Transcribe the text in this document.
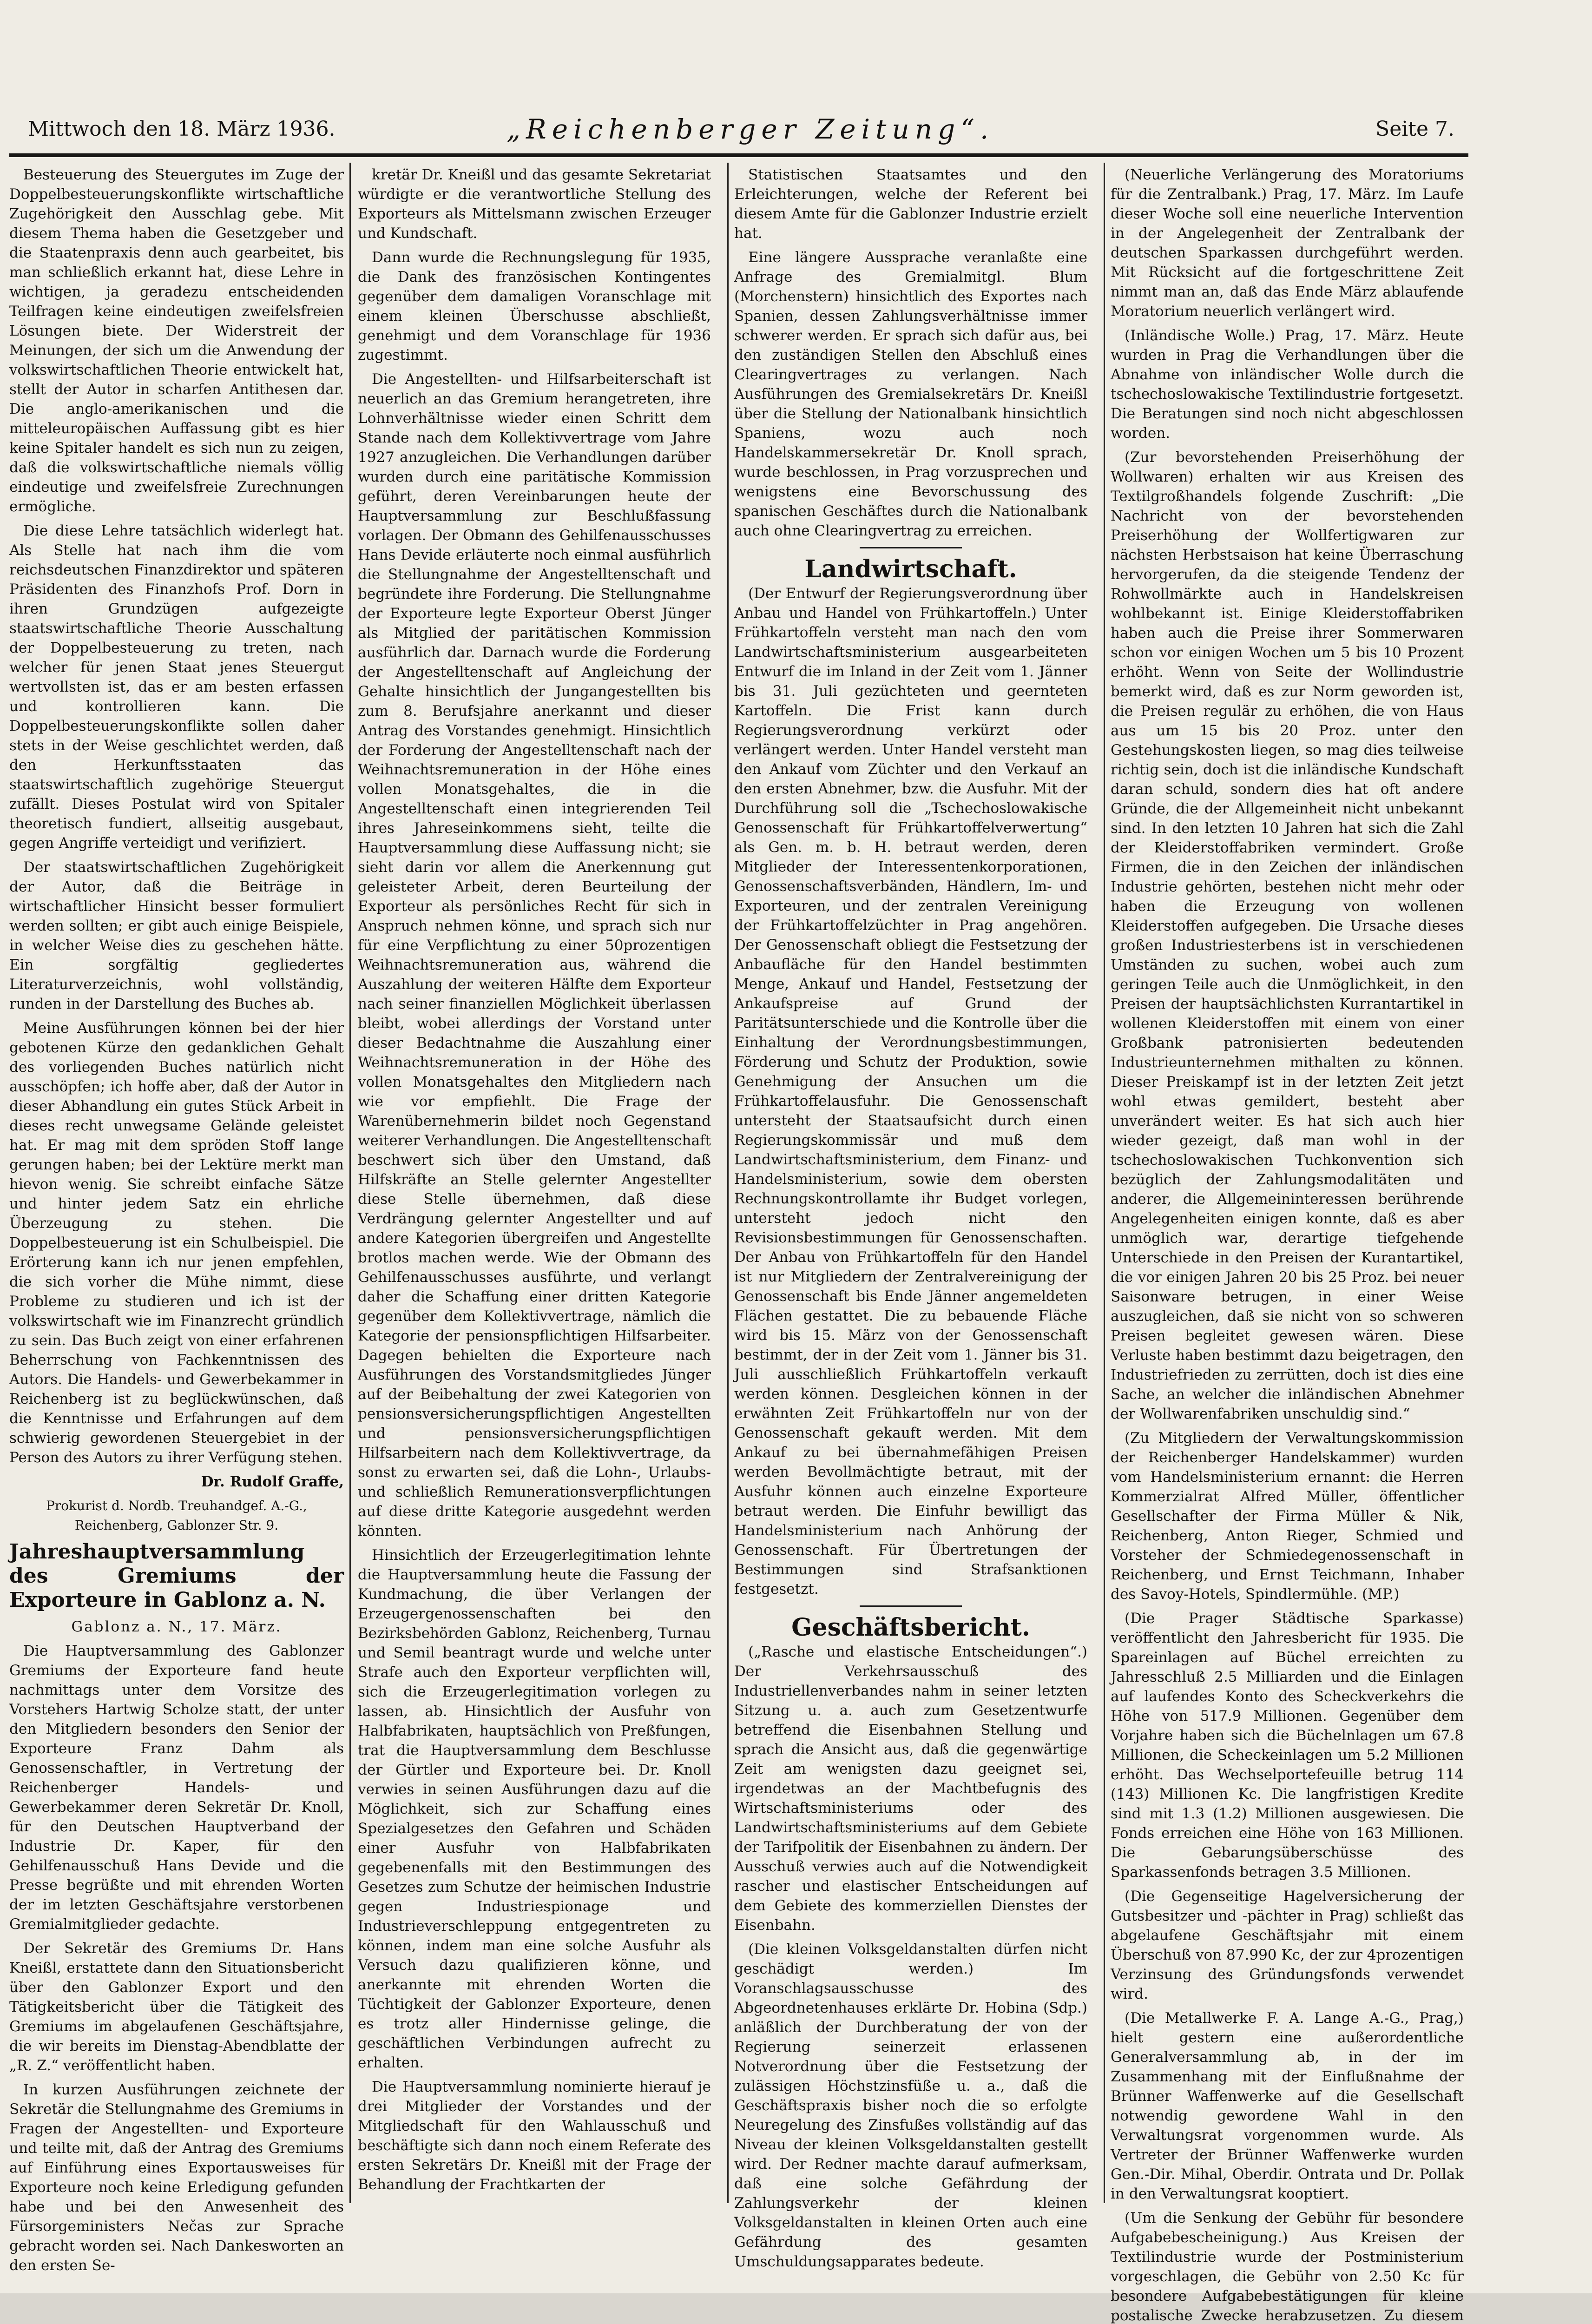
Mittwoch den 18. März 1936.	„Reichenberger Zeitung“.	Seite 7.

Besteuerung des Steuergutes im Zuge der Doppelbesteuerungskonflikte wirtschaftliche Zugehörigkeit den Ausschlag gebe. Mit diesem Thema haben die Gesetzgeber und die Staatenpraxis denn auch gearbeitet, bis man schließlich erkannt hat, diese Lehre in wichtigen, ja geradezu entscheidenden Teilfragen keine eindeutigen zweifelsfreien Lösungen biete. Der Widerstreit der Meinungen, der sich um die Anwendung der volkswirtschaftlichen Theorie entwickelt hat, stellt der Autor in scharfen Antithesen dar. Die anglo-amerikanischen und die mitteleuropäischen Auffassung gibt es hier keine Spitaler handelt es sich nun zu zeigen, daß die volkswirtschaftliche niemals völlig eindeutige und zweifelsfreie Zurechnungen ermögliche.

Die diese Lehre tatsächlich widerlegt hat. Als Stelle hat nach ihm die vom reichsdeutschen Finanzdirektor und späteren Präsidenten des Finanzhofs Prof. Dorn in ihren Grundzügen aufgezeigte staatswirtschaftliche Theorie Ausschaltung der Doppelbesteuerung zu treten, nach welcher für jenen Staat jenes Steuergut wertvollsten ist, das er am besten erfassen und kontrollieren kann. Die Doppelbesteuerungskonflikte sollen daher stets in der Weise geschlichtet werden, daß den Herkunftsstaaten das staatswirtschaftlich zugehörige Steuergut zufällt. Dieses Postulat wird von Spitaler theoretisch fundiert, allseitig ausgebaut, gegen Angriffe verteidigt und verifiziert.

Der staatswirtschaftlichen Zugehörigkeit der Autor, daß die Beiträge in wirtschaftlicher Hinsicht besser formuliert werden sollten; er gibt auch einige Beispiele, in welcher Weise dies zu geschehen hätte. Ein sorgfältig gegliedertes Literaturverzeichnis, wohl vollständig, runden in der Darstellung des Buches ab.

Meine Ausführungen können bei der hier gebotenen Kürze den gedanklichen Gehalt des vorliegenden Buches natürlich nicht ausschöpfen; ich hoffe aber, daß der Autor in dieser Abhandlung ein gutes Stück Arbeit in dieses recht unwegsame Gelände geleistet hat. Er mag mit dem spröden Stoff lange gerungen haben; bei der Lektüre merkt man hievon wenig. Sie schreibt einfache Sätze und hinter jedem Satz ein ehrliche Überzeugung zu stehen. Die Doppelbesteuerung ist ein Schulbeispiel. Die Erörterung kann ich nur jenen empfehlen, die sich vorher die Mühe nimmt, diese Probleme zu studieren und ich ist der volkswirtschaft wie im Finanzrecht gründlich zu sein. Das Buch zeigt von einer erfahrenen Beherrschung von Fachkenntnissen des Autors. Die Handels- und Gewerbekammer in Reichenberg ist zu beglückwünschen, daß die Kenntnisse und Erfahrungen auf dem schwierig gewordenen Steuergebiet in der Person des Autors zu ihrer Verfügung stehen.

Dr. Rudolf Graffe,

Prokurist d. Nordb. Treuhandgef. A.-G., Reichenberg, Gablonzer Str. 9.

Jahreshauptversammlung des Gremiums der Exporteure in Gablonz a. N.

Gablonz a. N., 17. März.

Die Hauptversammlung des Gablonzer Gremiums der Exporteure fand heute nachmittags unter dem Vorsitze des Vorstehers Hartwig Scholze statt, der unter den Mitgliedern besonders den Senior der Exporteure Franz Dahm als Genossenschaftler, in Vertretung der Reichenberger Handels- und Gewerbekammer deren Sekretär Dr. Knoll, für den Deutschen Hauptverband der Industrie Dr. Kaper, für den Gehilfenausschuß Hans Devide und die Presse begrüßte und mit ehrenden Worten der im letzten Geschäftsjahre verstorbenen Gremialmitglieder gedachte.

Der Sekretär des Gremiums Dr. Hans Kneißl, erstattete dann den Situationsbericht über den Gablonzer Export und den Tätigkeitsbericht über die Tätigkeit des Gremiums im abgelaufenen Geschäftsjahre, die wir bereits im Dienstag-Abendblatte der „R. Z.“ veröffentlicht haben.

In kurzen Ausführungen zeichnete der Sekretär die Stellungnahme des Gremiums in Fragen der Angestellten- und Exporteure und teilte mit, daß der Antrag des Gremiums auf Einführung eines Exportausweises für Exporteure noch keine Erledigung gefunden habe und bei den Anwesenheit des Fürsorgeministers Nečas zur Sprache gebracht worden sei. Nach Dankesworten an den ersten Se-

kretär Dr. Kneißl und das gesamte Sekretariat würdigte er die verantwortliche Stellung des Exporteurs als Mittelsmann zwischen Erzeuger und Kundschaft.

Dann wurde die Rechnungslegung für 1935, die Dank des französischen Kontingentes gegenüber dem damaligen Voranschlage mit einem kleinen Überschusse abschließt, genehmigt und dem Voranschlage für 1936 zugestimmt.

Die Angestellten- und Hilfsarbeiterschaft ist neuerlich an das Gremium herangetreten, ihre Lohnverhältnisse wieder einen Schritt dem Stande nach dem Kollektivvertrage vom Jahre 1927 anzugleichen. Die Verhandlungen darüber wurden durch eine paritätische Kommission geführt, deren Vereinbarungen heute der Hauptversammlung zur Beschlußfassung vorlagen. Der Obmann des Gehilfenausschusses Hans Devide erläuterte noch einmal ausführlich die Stellungnahme der Angestelltenschaft und begründete ihre Forderung. Die Stellungnahme der Exporteure legte Exporteur Oberst Jünger als Mitglied der paritätischen Kommission ausführlich dar. Darnach wurde die Forderung der Angestelltenschaft auf Angleichung der Gehalte hinsichtlich der Jungangestellten bis zum 8. Berufsjahre anerkannt und dieser Antrag des Vorstandes genehmigt. Hinsichtlich der Forderung der Angestelltenschaft nach der Weihnachtsremuneration in der Höhe eines vollen Monatsgehaltes, die in die Angestelltenschaft einen integrierenden Teil ihres Jahreseinkommens sieht, teilte die Hauptversammlung diese Auffassung nicht; sie sieht darin vor allem die Anerkennung gut geleisteter Arbeit, deren Beurteilung der Exporteur als persönliches Recht für sich in Anspruch nehmen könne, und sprach sich nur für eine Verpflichtung zu einer 50prozentigen Weihnachtsremuneration aus, während die Auszahlung der weiteren Hälfte dem Exporteur nach seiner finanziellen Möglichkeit überlassen bleibt, wobei allerdings der Vorstand unter dieser Bedachtnahme die Auszahlung einer Weihnachtsremuneration in der Höhe des vollen Monatsgehaltes den Mitgliedern nach wie vor empfiehlt. Die Frage der Warenübernehmerin bildet noch Gegenstand weiterer Verhandlungen. Die Angestelltenschaft beschwert sich über den Umstand, daß Hilfskräfte an Stelle gelernter Angestellter diese Stelle übernehmen, daß diese Verdrängung gelernter Angestellter und auf andere Kategorien übergreifen und Angestellte brotlos machen werde. Wie der Obmann des Gehilfenausschusses ausführte, und verlangt daher die Schaffung einer dritten Kategorie gegenüber dem Kollektivvertrage, nämlich die Kategorie der pensionspflichtigen Hilfsarbeiter. Dagegen behielten die Exporteure nach Ausführungen des Vorstandsmitgliedes Jünger auf der Beibehaltung der zwei Kategorien von pensionsversicherungspflichtigen Angestellten und pensionsversicherungspflichtigen Hilfsarbeitern nach dem Kollektivvertrage, da sonst zu erwarten sei, daß die Lohn-, Urlaubs- und schließlich Remunerationsverpflichtungen auf diese dritte Kategorie ausgedehnt werden könnten.

Hinsichtlich der Erzeugerlegitimation lehnte die Hauptversammlung heute die Fassung der Kundmachung, die über Verlangen der Erzeugergenossenschaften bei den Bezirksbehörden Gablonz, Reichenberg, Turnau und Semil beantragt wurde und welche unter Strafe auch den Exporteur verpflichten will, sich die Erzeugerlegitimation vorlegen zu lassen, ab. Hinsichtlich der Ausfuhr von Halbfabrikaten, hauptsächlich von Preßfungen, trat die Hauptversammlung dem Beschlusse der Gürtler und Exporteure bei. Dr. Knoll verwies in seinen Ausführungen dazu auf die Möglichkeit, sich zur Schaffung eines Spezialgesetzes den Gefahren und Schäden einer Ausfuhr von Halbfabrikaten gegebenenfalls mit den Bestimmungen des Gesetzes zum Schutze der heimischen Industrie gegen Industriespionage und Industrieverschleppung entgegentreten zu können, indem man eine solche Ausfuhr als Versuch dazu qualifizieren könne, und anerkannte mit ehrenden Worten die Tüchtigkeit der Gablonzer Exporteure, denen es trotz aller Hindernisse gelinge, die geschäftlichen Verbindungen aufrecht zu erhalten.

Die Hauptversammlung nominierte hierauf je drei Mitglieder der Vorstandes und der Mitgliedschaft für den Wahlausschuß und beschäftigte sich dann noch einem Referate des ersten Sekretärs Dr. Kneißl mit der Frage der Behandlung der Frachtkarten der

Statistischen Staatsamtes und den Erleichterungen, welche der Referent bei diesem Amte für die Gablonzer Industrie erzielt hat.

Eine längere Aussprache veranlaßte eine Anfrage des Gremialmitgl. Blum (Morchenstern) hinsichtlich des Exportes nach Spanien, dessen Zahlungsverhältnisse immer schwerer werden. Er sprach sich dafür aus, bei den zuständigen Stellen den Abschluß eines Clearingvertrages zu verlangen. Nach Ausführungen des Gremialsekretärs Dr. Kneißl über die Stellung der Nationalbank hinsichtlich Spaniens, wozu auch noch Handelskammersekretär Dr. Knoll sprach, wurde beschlossen, in Prag vorzusprechen und wenigstens eine Bevorschussung des spanischen Geschäftes durch die Nationalbank auch ohne Clearingvertrag zu erreichen.

Landwirtschaft.

(Der Entwurf der Regierungsverordnung über Anbau und Handel von Frühkartoffeln.) Unter Frühkartoffeln versteht man nach den vom Landwirtschaftsministerium ausgearbeiteten Entwurf die im Inland in der Zeit vom 1. Jänner bis 31. Juli gezüchteten und geernteten Kartoffeln. Die Frist kann durch Regierungsverordnung verkürzt oder verlängert werden. Unter Handel versteht man den Ankauf vom Züchter und den Verkauf an den ersten Abnehmer, bzw. die Ausfuhr. Mit der Durchführung soll die „Tschechoslowakische Genossenschaft für Frühkartoffelverwertung“ als Gen. m. b. H. betraut werden, deren Mitglieder der Interessentenkorporationen, Genossenschaftsverbänden, Händlern, Im- und Exporteuren, und der zentralen Vereinigung der Frühkartoffelzüchter in Prag angehören. Der Genossenschaft obliegt die Festsetzung der Anbaufläche für den Handel bestimmten Menge, Ankauf und Handel, Festsetzung der Ankaufspreise auf Grund der Paritätsunterschiede und die Kontrolle über die Einhaltung der Verordnungsbestimmungen, Förderung und Schutz der Produktion, sowie Genehmigung der Ansuchen um die Frühkartoffelausfuhr. Die Genossenschaft untersteht der Staatsaufsicht durch einen Regierungskommissär und muß dem Landwirtschaftsministerium, dem Finanz- und Handelsministerium, sowie dem obersten Rechnungskontrollamte ihr Budget vorlegen, untersteht jedoch nicht den Revisionsbestimmungen für Genossenschaften. Der Anbau von Frühkartoffeln für den Handel ist nur Mitgliedern der Zentralvereinigung der Genossenschaft bis Ende Jänner angemeldeten Flächen gestattet. Die zu bebauende Fläche wird bis 15. März von der Genossenschaft bestimmt, der in der Zeit vom 1. Jänner bis 31. Juli ausschließlich Frühkartoffeln verkauft werden können. Desgleichen können in der erwähnten Zeit Frühkartoffeln nur von der Genossenschaft gekauft werden. Mit dem Ankauf zu bei übernahmefähigen Preisen werden Bevollmächtigte betraut, mit der Ausfuhr können auch einzelne Exporteure betraut werden. Die Einfuhr bewilligt das Handelsministerium nach Anhörung der Genossenschaft. Für Übertretungen der Bestimmungen sind Strafsanktionen festgesetzt.

Geschäftsbericht.

(„Rasche und elastische Entscheidungen“.) Der Verkehrsausschuß des Industriellenverbandes nahm in seiner letzten Sitzung u. a. auch zum Gesetzentwurfe betreffend die Eisenbahnen Stellung und sprach die Ansicht aus, daß die gegenwärtige Zeit am wenigsten dazu geeignet sei, irgendetwas an der Machtbefugnis des Wirtschaftsministeriums oder des Landwirtschaftsministeriums auf dem Gebiete der Tarifpolitik der Eisenbahnen zu ändern. Der Ausschuß verwies auch auf die Notwendigkeit rascher und elastischer Entscheidungen auf dem Gebiete des kommerziellen Dienstes der Eisenbahn.

(Die kleinen Volksgeldanstalten dürfen nicht geschädigt werden.) Im Voranschlagsausschusse des Abgeordnetenhauses erklärte Dr. Hobina (Sdp.) anläßlich der Durchberatung der von der Regierung seinerzeit erlassenen Notverordnung über die Festsetzung der zulässigen Höchstzinsfüße u. a., daß die Geschäftspraxis bisher noch die so erfolgte Neuregelung des Zinsfußes vollständig auf das Niveau der kleinen Volksgeldanstalten gestellt wird. Der Redner machte darauf aufmerksam, daß eine solche Gefährdung der Zahlungsverkehr der kleinen Volksgeldanstalten in kleinen Orten auch eine Gefährdung des gesamten Umschuldungsapparates bedeute.

(Neuerliche Verlängerung des Moratoriums für die Zentralbank.) Prag, 17. März. Im Laufe dieser Woche soll eine neuerliche Intervention in der Angelegenheit der Zentralbank der deutschen Sparkassen durchgeführt werden. Mit Rücksicht auf die fortgeschrittene Zeit nimmt man an, daß das Ende März ablaufende Moratorium neuerlich verlängert wird.

(Inländische Wolle.) Prag, 17. März. Heute wurden in Prag die Verhandlungen über die Abnahme von inländischer Wolle durch die tschechoslowakische Textilindustrie fortgesetzt. Die Beratungen sind noch nicht abgeschlossen worden.

(Zur bevorstehenden Preiserhöhung der Wollwaren) erhalten wir aus Kreisen des Textilgroßhandels folgende Zuschrift: „Die Nachricht von der bevorstehenden Preiserhöhung der Wollfertigwaren zur nächsten Herbstsaison hat keine Überraschung hervorgerufen, da die steigende Tendenz der Rohwollmärkte auch in Handelskreisen wohlbekannt ist. Einige Kleiderstoffabriken haben auch die Preise ihrer Sommerwaren schon vor einigen Wochen um 5 bis 10 Prozent erhöht. Wenn von Seite der Wollindustrie bemerkt wird, daß es zur Norm geworden ist, die Preisen regulär zu erhöhen, die von Haus aus um 15 bis 20 Proz. unter den Gestehungskosten liegen, so mag dies teilweise richtig sein, doch ist die inländische Kundschaft daran schuld, sondern dies hat oft andere Gründe, die der Allgemeinheit nicht unbekannt sind. In den letzten 10 Jahren hat sich die Zahl der Kleiderstoffabriken vermindert. Große Firmen, die in den Zeichen der inländischen Industrie gehörten, bestehen nicht mehr oder haben die Erzeugung von wollenen Kleiderstoffen aufgegeben. Die Ursache dieses großen Industriesterbens ist in verschiedenen Umständen zu suchen, wobei auch zum geringen Teile auch die Unmöglichkeit, in den Preisen der hauptsächlichsten Kurrantartikel in wollenen Kleiderstoffen mit einem von einer Großbank patronisierten bedeutenden Industrieunternehmen mithalten zu können. Dieser Preiskampf ist in der letzten Zeit jetzt wohl etwas gemildert, besteht aber unverändert weiter. Es hat sich auch hier wieder gezeigt, daß man wohl in der tschechoslowakischen Tuchkonvention sich bezüglich der Zahlungsmodalitäten und anderer, die Allgemeininteressen berührende Angelegenheiten einigen konnte, daß es aber unmöglich war, derartige tiefgehende Unterschiede in den Preisen der Kurantartikel, die vor einigen Jahren 20 bis 25 Proz. bei neuer Saisonware betrugen, in einer Weise auszugleichen, daß sie nicht von so schweren Preisen begleitet gewesen wären. Diese Verluste haben bestimmt dazu beigetragen, den Industriefrieden zu zerrütten, doch ist dies eine Sache, an welcher die inländischen Abnehmer der Wollwarenfabriken unschuldig sind.“

(Zu Mitgliedern der Verwaltungskommission der Reichenberger Handelskammer) wurden vom Handelsministerium ernannt: die Herren Kommerzialrat Alfred Müller, öffentlicher Gesellschafter der Firma Müller & Nik, Reichenberg, Anton Rieger, Schmied und Vorsteher der Schmiedegenossenschaft in Reichenberg, und Ernst Teichmann, Inhaber des Savoy-Hotels, Spindlermühle. (MP.)

(Die Prager Städtische Sparkasse) veröffentlicht den Jahresbericht für 1935. Die Spareinlagen auf Büchel erreichten zu Jahresschluß 2.5 Milliarden und die Einlagen auf laufendes Konto des Scheckverkehrs die Höhe von 517.9 Millionen. Gegenüber dem Vorjahre haben sich die Büchelnlagen um 67.8 Millionen, die Scheckeinlagen um 5.2 Millionen erhöht. Das Wechselportefeuille betrug 114 (143) Millionen Kc. Die langfristigen Kredite sind mit 1.3 (1.2) Millionen ausgewiesen. Die Fonds erreichen eine Höhe von 163 Millionen. Die Gebarungsüberschüsse des Sparkassenfonds betragen 3.5 Millionen.

(Die Gegenseitige Hagelversicherung der Gutsbesitzer und -pächter in Prag) schließt das abgelaufene Geschäftsjahr mit einem Überschuß von 87.990 Kc, der zur 4prozentigen Verzinsung des Gründungsfonds verwendet wird.

(Die Metallwerke F. A. Lange A.-G., Prag,) hielt gestern eine außerordentliche Generalversammlung ab, in der im Zusammenhang mit der Einflußnahme der Brünner Waffenwerke auf die Gesellschaft notwendig gewordene Wahl in den Verwaltungsrat vorgenommen wurde. Als Vertreter der Brünner Waffenwerke wurden Gen.-Dir. Mihal, Oberdir. Ontrata und Dr. Pollak in den Verwaltungsrat kooptiert.

(Um die Senkung der Gebühr für besondere Aufgabebescheinigung.) Aus Kreisen der Textilindustrie wurde der Postministerium vorgeschlagen, die Gebühr von 2.50 Kc für besondere Aufgabebestätigungen für kleine postalische Zwecke herabzusetzen. Zu diesem
